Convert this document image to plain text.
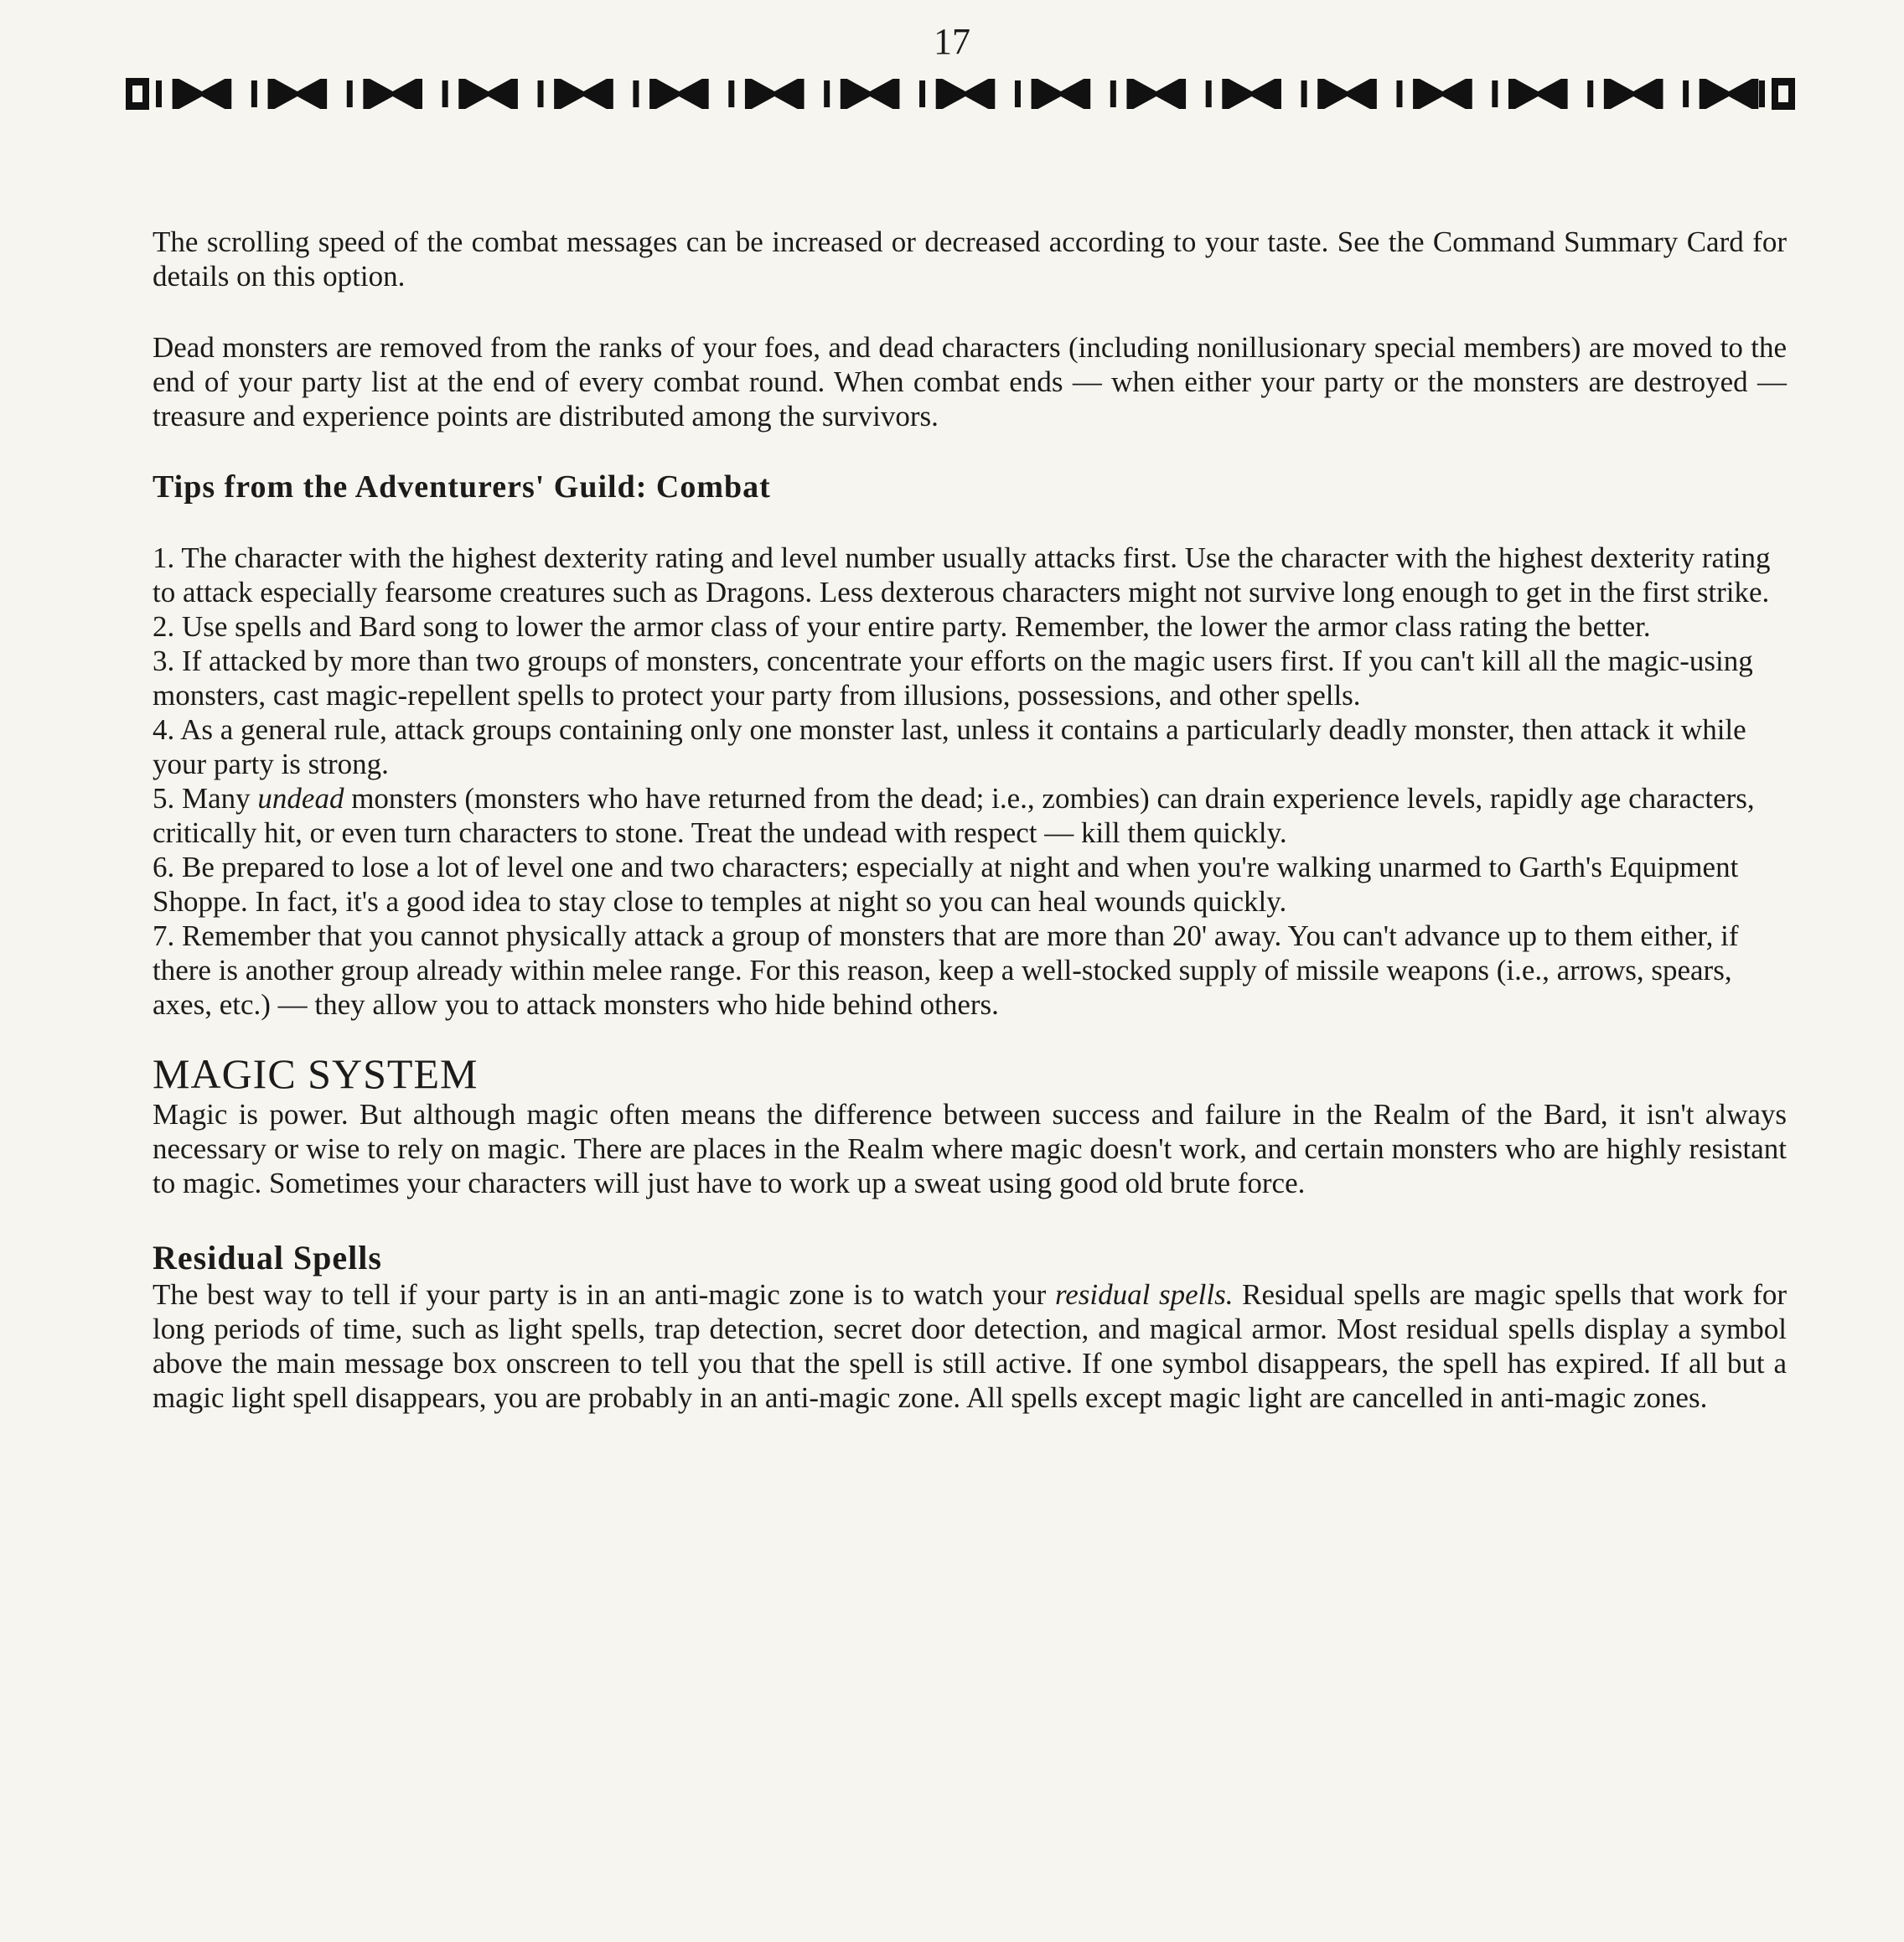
17

The scrolling speed of the combat messages can be increased or decreased according to your taste. See the Command Summary Card for details on this option.

Dead monsters are removed from the ranks of your foes, and dead characters (including nonillusionary special members) are moved to the end of your party list at the end of every combat round. When combat ends — when either your party or the monsters are destroyed — treasure and experience points are distributed among the survivors.

Tips from the Adventurers' Guild: Combat

1. The character with the highest dexterity rating and level number usually attacks first. Use the character with the highest dexterity rating to attack especially fearsome creatures such as Dragons. Less dexterous characters might not survive long enough to get in the first strike.

2. Use spells and Bard song to lower the armor class of your entire party. Remember, the lower the armor class rating the better.

3. If attacked by more than two groups of monsters, concentrate your efforts on the magic users first. If you can't kill all the magic-using monsters, cast magic-repellent spells to protect your party from illusions, possessions, and other spells.

4. As a general rule, attack groups containing only one monster last, unless it contains a particularly deadly monster, then attack it while your party is strong.

5. Many undead monsters (monsters who have returned from the dead; i.e., zombies) can drain experience levels, rapidly age characters, critically hit, or even turn characters to stone. Treat the undead with respect — kill them quickly.

6. Be prepared to lose a lot of level one and two characters; especially at night and when you're walking unarmed to Garth's Equipment Shoppe. In fact, it's a good idea to stay close to temples at night so you can heal wounds quickly.

7. Remember that you cannot physically attack a group of monsters that are more than 20' away. You can't advance up to them either, if there is another group already within melee range. For this reason, keep a well-stocked supply of missile weapons (i.e., arrows, spears, axes, etc.) — they allow you to attack monsters who hide behind others.

MAGIC SYSTEM

Magic is power. But although magic often means the difference between success and failure in the Realm of the Bard, it isn't always necessary or wise to rely on magic. There are places in the Realm where magic doesn't work, and certain monsters who are highly resistant to magic. Sometimes your characters will just have to work up a sweat using good old brute force.

Residual Spells

The best way to tell if your party is in an anti-magic zone is to watch your residual spells. Residual spells are magic spells that work for long periods of time, such as light spells, trap detection, secret door detection, and magical armor. Most residual spells display a symbol above the main message box onscreen to tell you that the spell is still active. If one symbol disappears, the spell has expired. If all but a magic light spell disappears, you are probably in an anti-magic zone. All spells except magic light are cancelled in anti-magic zones.
